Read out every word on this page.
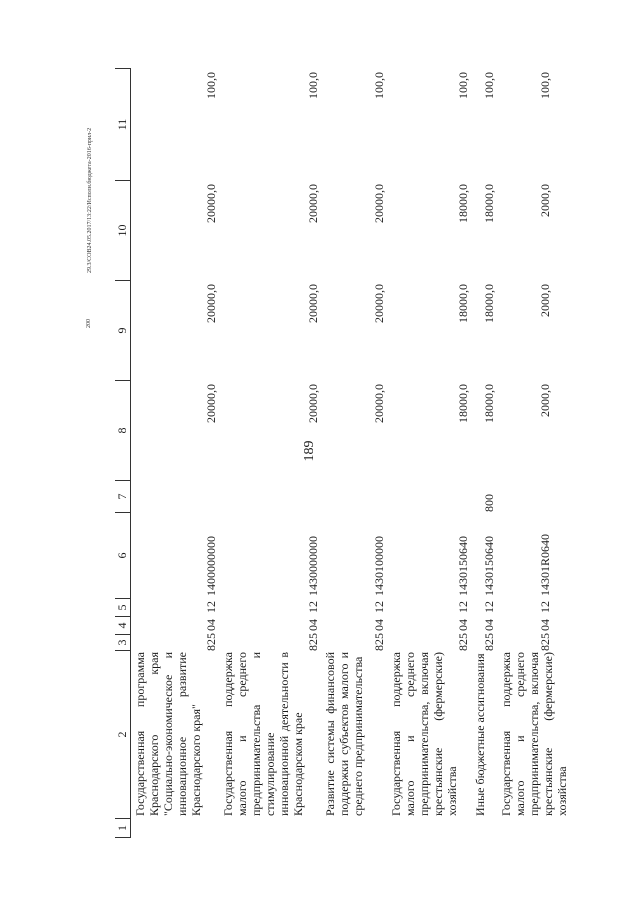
189
29.3/СОВ24.05.2017/13:22/Исполн.бюджета-2016-прил-2
200
1
2
3
4
5
6
7
8
9
10
11
Государственная программа Краснодарского края "Социально-экономическое и инновационное развитие Краснодарского края"
825
04
12
1400000000
20000,0
20000,0
20000,0
100,0
Государственная поддержка малого и среднего предпринимательства и стимулирование инновационной деятельности в Краснодарском крае
825
04
12
1430000000
20000,0
20000,0
20000,0
100,0
Развитие системы финансовой поддержки субъектов малого и среднего предпринимательства
825
04
12
1430100000
20000,0
20000,0
20000,0
100,0
Государственная поддержка малого и среднего предпринимательства, включая крестьянские (фермерские) хозяйства
825
04
12
1430150640
18000,0
18000,0
18000,0
100,0
Иные бюджетные ассигнования
825
04
12
1430150640
800
18000,0
18000,0
18000,0
100,0
Государственная поддержка малого и среднего предпринимательства, включая крестьянские (фермерские) хозяйства
825
04
12
14301R0640
2000,0
2000,0
2000,0
100,0
